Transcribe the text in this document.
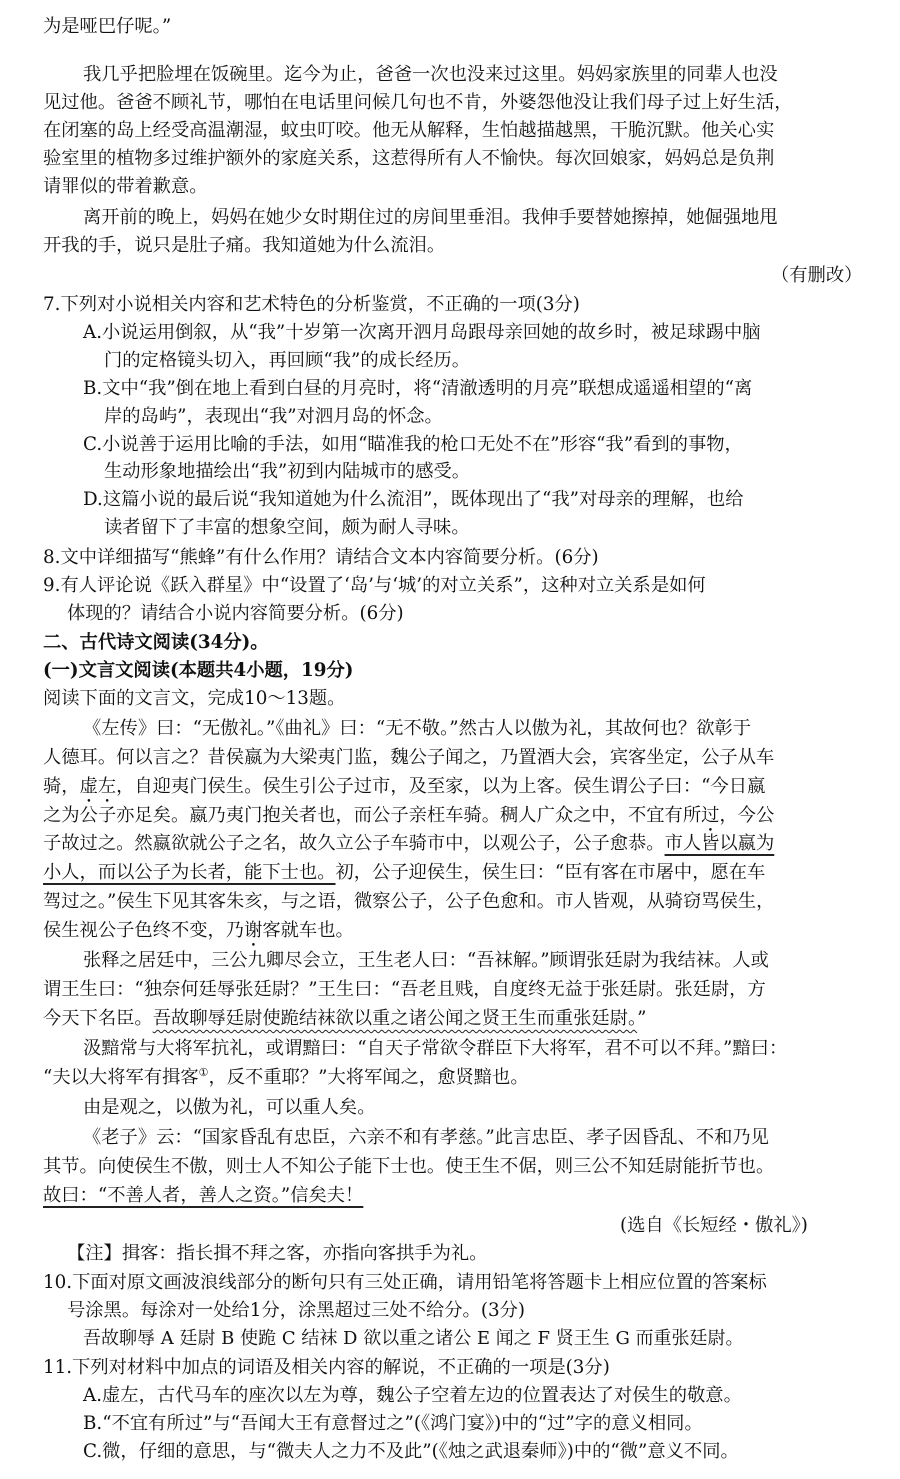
为是哑巴仔呢。”
我几乎把脸埋在饭碗里。迄今为止，爸爸一次也没来过这里。妈妈家族里的同辈人也没
见过他。爸爸不顾礼节，哪怕在电话里问候几句也不肯，外婆怨他没让我们母子过上好生活，
在闭塞的岛上经受高温潮湿，蚊虫叮咬。他无从解释，生怕越描越黑，干脆沉默。他关心实
验室里的植物多过维护额外的家庭关系，这惹得所有人不愉快。每次回娘家，妈妈总是负荆
请罪似的带着歉意。
离开前的晚上，妈妈在她少女时期住过的房间里垂泪。我伸手要替她擦掉，她倔强地甩
开我的手，说只是肚子痛。我知道她为什么流泪。
（有删改）
7.下列对小说相关内容和艺术特色的分析鉴赏，不正确的一项(3分)
A.小说运用倒叙，从“我”十岁第一次离开泗月岛跟母亲回她的故乡时，被足球踢中脑
门的定格镜头切入，再回顾“我”的成长经历。
B.文中“我”倒在地上看到白昼的月亮时，将“清澈透明的月亮”联想成遥遥相望的“离
岸的岛屿”，表现出“我”对泗月岛的怀念。
C.小说善于运用比喻的手法，如用“瞄准我的枪口无处不在”形容“我”看到的事物，
生动形象地描绘出“我”初到内陆城市的感受。
D.这篇小说的最后说“我知道她为什么流泪”，既体现出了“我”对母亲的理解，也给
读者留下了丰富的想象空间，颇为耐人寻味。
8.文中详细描写“熊蜂”有什么作用？请结合文本内容简要分析。(6分)
9.有人评论说《跃入群星》中“设置了‘岛’与‘城’的对立关系”，这种对立关系是如何
体现的？请结合小说内容简要分析。(6分)
二、古代诗文阅读(34分)。
(一)文言文阅读(本题共4小题，19分)
阅读下面的文言文，完成10～13题。
《左传》曰：“无傲礼。”《曲礼》曰：“无不敬。”然古人以傲为礼，其故何也？欲彰于
人德耳。何以言之？昔侯嬴为大梁夷门监，魏公子闻之，乃置酒大会，宾客坐定，公子从车
骑，虚左，自迎夷门侯生。侯生引公子过市，及至家，以为上客。侯生谓公子曰：“今日嬴
之为公子亦足矣。嬴乃夷门抱关者也，而公子亲枉车骑。稠人广众之中，不宜有所过，今公
子故过之。然嬴欲就公子之名，故久立公子车骑市中，以观公子，公子愈恭。市人皆以嬴为
小人，而以公子为长者，能下士也。初，公子迎侯生，侯生曰：“臣有客在市屠中，愿在车
驾过之。”侯生下见其客朱亥，与之语，微察公子，公子色愈和。市人皆观，从骑窃骂侯生，
侯生视公子色终不变，乃谢客就车也。
张释之居廷中，三公九卿尽会立，王生老人曰：“吾袜解。”顾谓张廷尉为我结袜。人或
谓王生曰：“独奈何廷辱张廷尉？”王生曰：“吾老且贱，自度终无益于张廷尉。张廷尉，方
今天下名臣。吾故聊辱廷尉使跪结袜欲以重之诸公闻之贤王生而重张廷尉。”
汲黯常与大将军抗礼，或谓黯曰：“自天子常欲令群臣下大将军，君不可以不拜。”黯曰：
“夫以大将军有揖客①，反不重耶？”大将军闻之，愈贤黯也。
由是观之，以傲为礼，可以重人矣。
《老子》云：“国家昏乱有忠臣，六亲不和有孝慈。”此言忠臣、孝子因昏乱、不和乃见
其节。向使侯生不傲，则士人不知公子能下士也。使王生不倨，则三公不知廷尉能折节也。
故曰：“不善人者，善人之资。”信矣夫！
(选自《长短经・傲礼》)
【注】揖客：指长揖不拜之客，亦指向客拱手为礼。
10.下面对原文画波浪线部分的断句只有三处正确，请用铅笔将答题卡上相应位置的答案标
号涂黑。每涂对一处给1分，涂黑超过三处不给分。(3分)
吾故聊辱 A 廷尉 B 使跪 C 结袜 D 欲以重之诸公 E 闻之 F 贤王生 G 而重张廷尉。
11.下列对材料中加点的词语及相关内容的解说，不正确的一项是(3分)
A.虚左，古代马车的座次以左为尊，魏公子空着左边的位置表达了对侯生的敬意。
B.“不宜有所过”与“吾闻大王有意督过之”(《鸿门宴》)中的“过”字的意义相同。
C.微，仔细的意思，与“微夫人之力不及此”(《烛之武退秦师》)中的“微”意义不同。
